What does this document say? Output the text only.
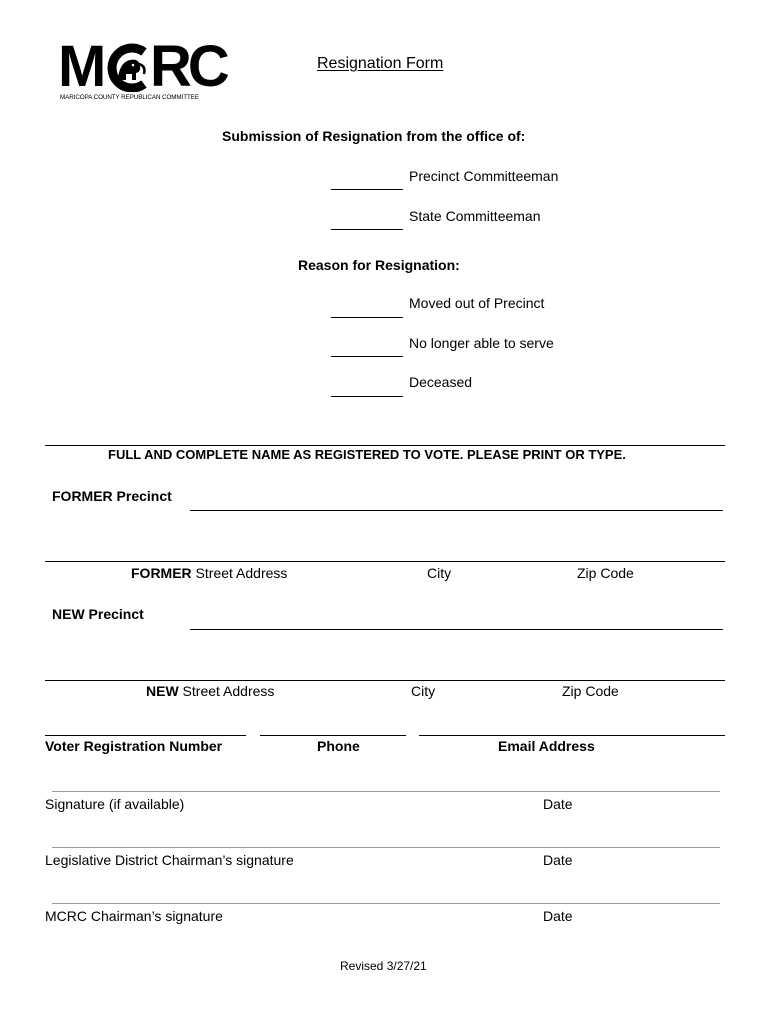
M RC
MARICOPA COUNTY REPUBLICAN COMMITTEE
Resignation Form
Submission of Resignation from the office of:
Precinct Committeeman
State Committeeman
Reason for Resignation:
Moved out of Precinct
No longer able to serve
Deceased
FULL AND COMPLETE NAME AS REGISTERED TO VOTE. PLEASE PRINT OR TYPE.
FORMER Precinct
FORMER Street Address	City	Zip Code
NEW Precinct
NEW Street Address	City	Zip Code
Voter Registration Number	Phone	Email Address
Signature (if available)	Date
Legislative District Chairman’s signature	Date
MCRC Chairman’s signature	Date
Revised 3/27/21
